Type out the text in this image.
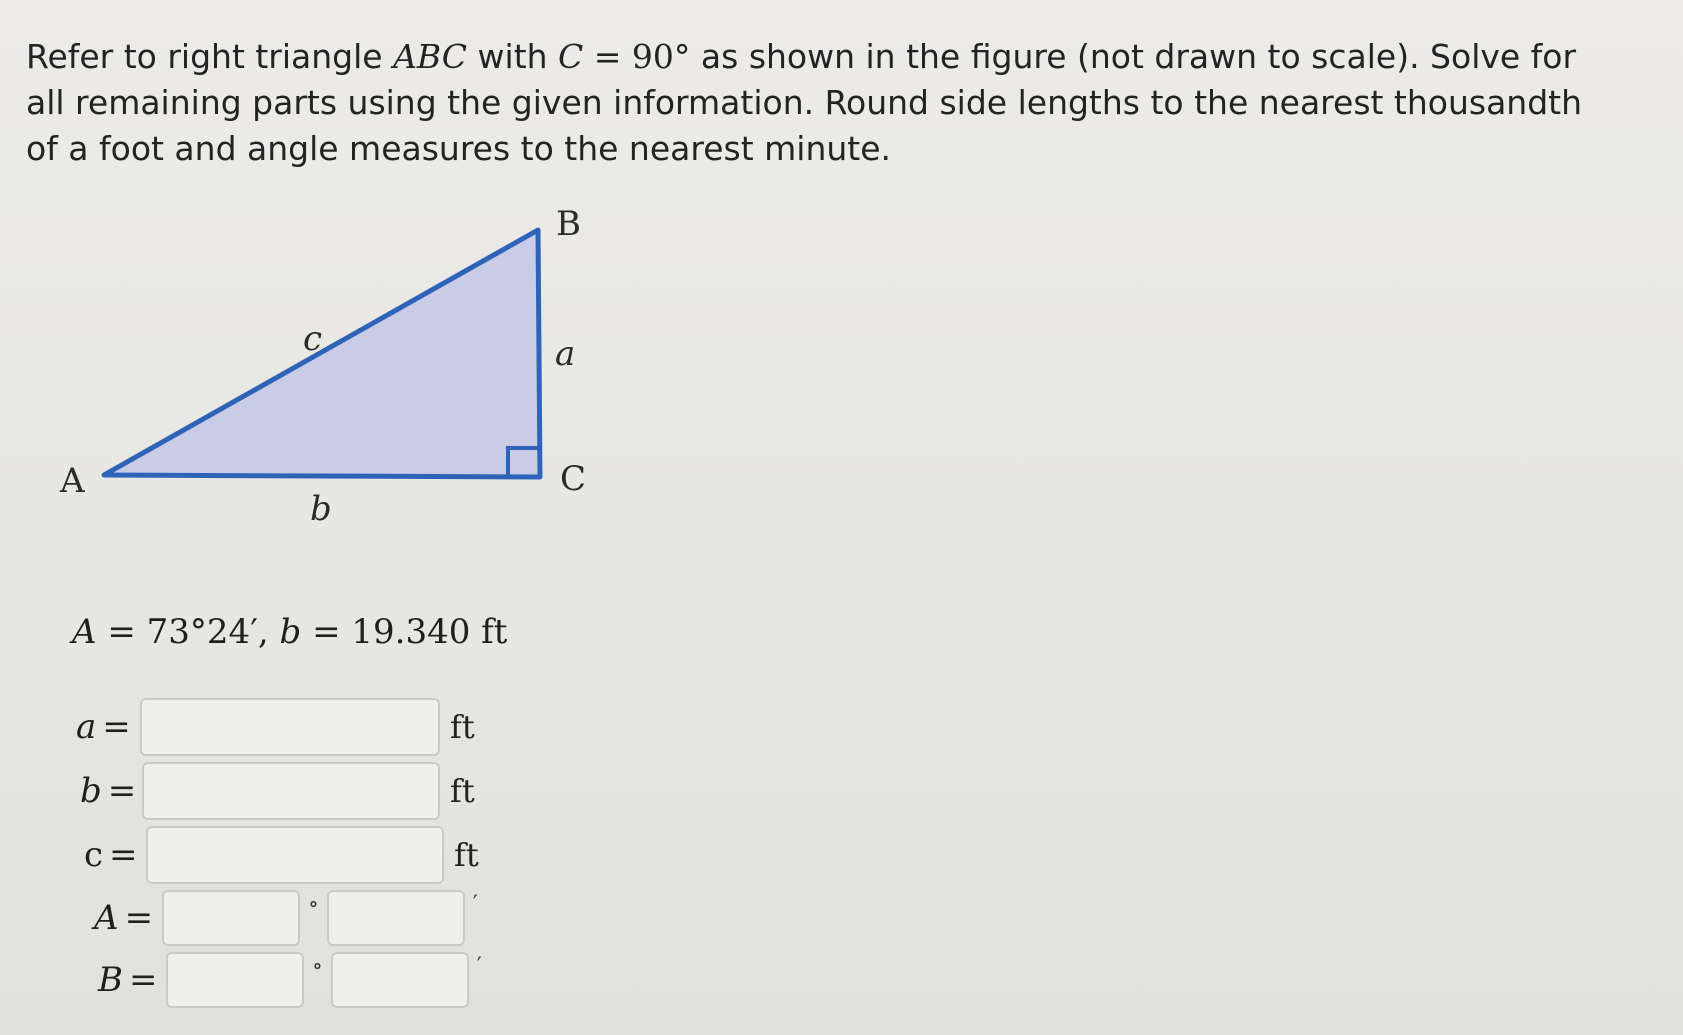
Refer to right triangle ABC with C = 90° as shown in the figure (not drawn to scale). Solve for all remaining parts using the given information. Round side lengths to the nearest thousandth of a foot and angle measures to the nearest minute.
A
B
C
a
b
c
A = 73°24′, b = 19.340 ft
a =	ft
b =	ft
c =	ft
A =	∘	′
B =	∘	′
